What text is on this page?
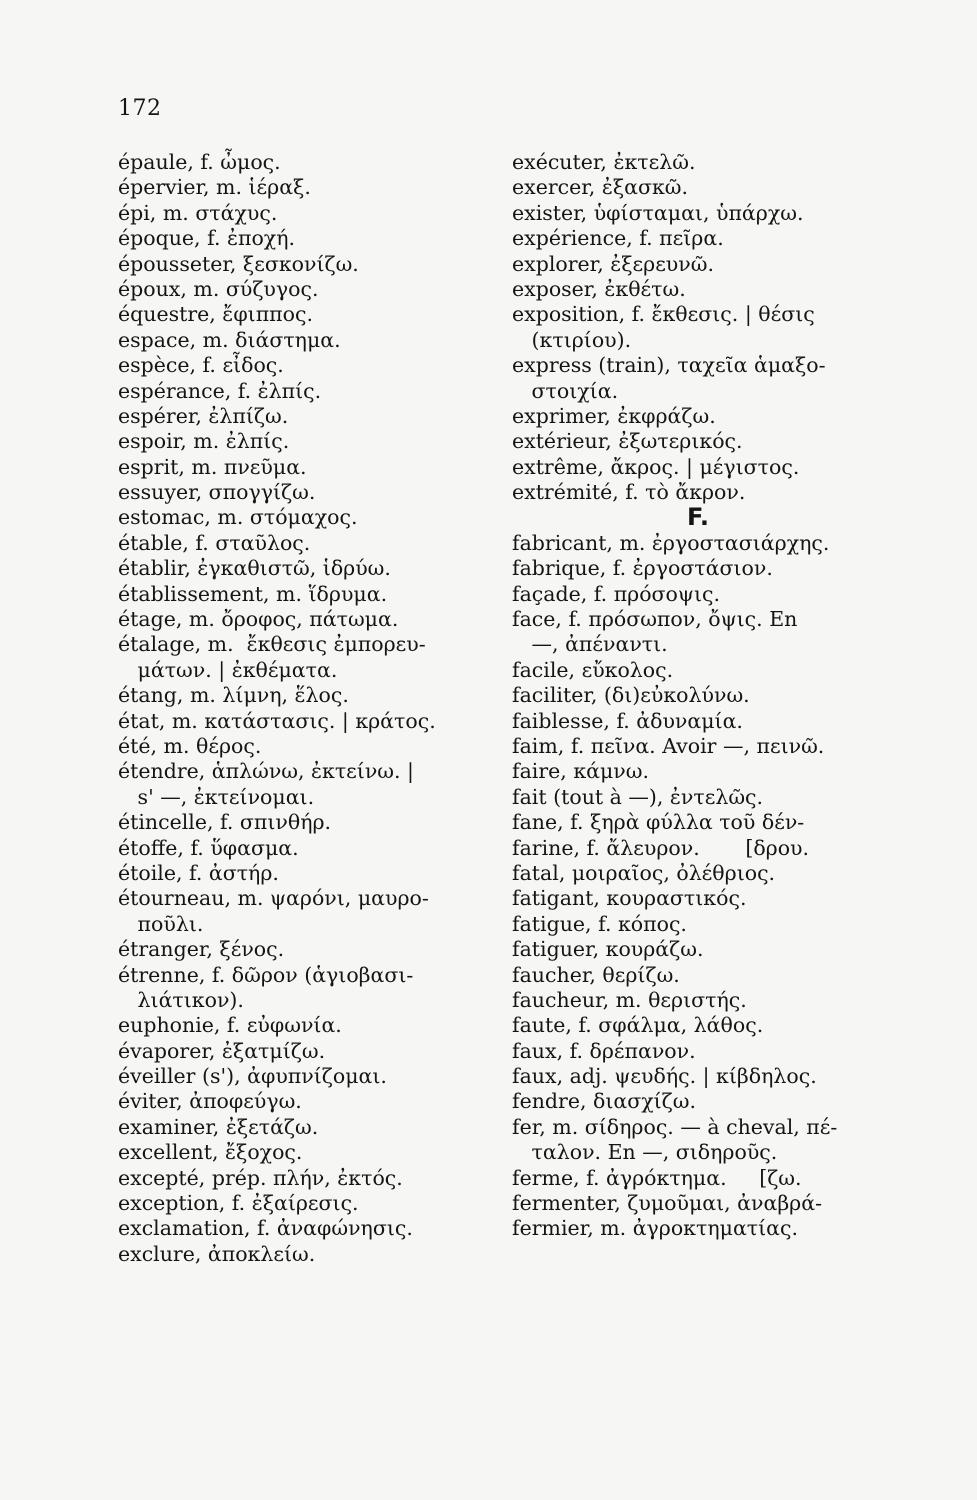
172
épaule, f. ὦμος.
épervier, m. ἱέραξ.
épi, m. στάχυς.
époque, f. ἐποχή.
épousseter, ξεσκονίζω.
époux, m. σύζυγος.
équestre, ἔφιππος.
espace, m. διάστημα.
espèce, f. εἶδος.
espérance, f. ἐλπίς.
espérer, ἐλπίζω.
espoir, m. ἐλπίς.
esprit, m. πνεῦμα.
essuyer, σπογγίζω.
estomac, m. στόμαχος.
étable, f. σταῦλος.
établir, ἐγκαθιστῶ, ἱδρύω.
établissement, m. ἵδρυμα.
étage, m. ὄροφος, πάτωμα.
étalage, m.  ἔκθεσις ἐμπορευ-
μάτων. | ἐκθέματα.
étang, m. λίμνη, ἕλος.
état, m. κατάστασις. | κράτος.
été, m. θέρος.
étendre, ἁπλώνω, ἐκτείνω. |
s' —, ἐκτείνομαι.
étincelle, f. σπινθήρ.
étoffe, f. ὕφασμα.
étoile, f. ἀστήρ.
étourneau, m. ψαρόνι, μαυρο-
ποῦλι.
étranger, ξένος.
étrenne, f. δῶρον (ἁγιοβασι-
λιάτικον).
euphonie, f. εὐφωνία.
évaporer, ἐξατμίζω.
éveiller (s'), ἀφυπνίζομαι.
éviter, ἀποφεύγω.
examiner, ἐξετάζω.
excellent, ἔξοχος.
excepté, prép. πλήν, ἐκτός.
exception, f. ἐξαίρεσις.
exclamation, f. ἀναφώνησις.
exclure, ἀποκλείω.
exécuter, ἐκτελῶ.
exercer, ἐξασκῶ.
exister, ὑφίσταμαι, ὑπάρχω.
expérience, f. πεῖρα.
explorer, ἐξερευνῶ.
exposer, ἐκθέτω.
exposition, f. ἔκθεσις. | θέσις
(κτιρίου).
express (train), ταχεῖα ἁμαξο-
στοιχία.
exprimer, ἐκφράζω.
extérieur, ἐξωτερικός.
extrême, ἄκρος. | μέγιστος.
extrémité, f. τὸ ἄκρον.
F.
fabricant, m. ἐργοστασιάρχης.
fabrique, f. ἐργοστάσιον.
façade, f. πρόσοψις.
face, f. πρόσωπον, ὄψις. En
—, ἀπέναντι.
facile, εὔκολος.
faciliter, (δι)εὐκολύνω.
faiblesse, f. ἀδυναμία.
faim, f. πεῖνα. Avoir —, πεινῶ.
faire, κάμνω.
fait (tout à —), ἐντελῶς.
fane, f. ξηρὰ φύλλα τοῦ δέν-
farine, f. ἄλευρον.       [δρου.
fatal, μοιραῖος, ὀλέθριος.
fatigant, κουραστικός.
fatigue, f. κόπος.
fatiguer, κουράζω.
faucher, θερίζω.
faucheur, m. θεριστής.
faute, f. σφάλμα, λάθος.
faux, f. δρέπανον.
faux, adj. ψευδής. | κίβδηλος.
fendre, διασχίζω.
fer, m. σίδηρος. — à cheval, πέ-
ταλον. En —, σιδηροῦς.
ferme, f. ἀγρόκτημα.     [ζω.
fermenter, ζυμοῦμαι, ἀναβρά-
fermier, m. ἀγροκτηματίας.
